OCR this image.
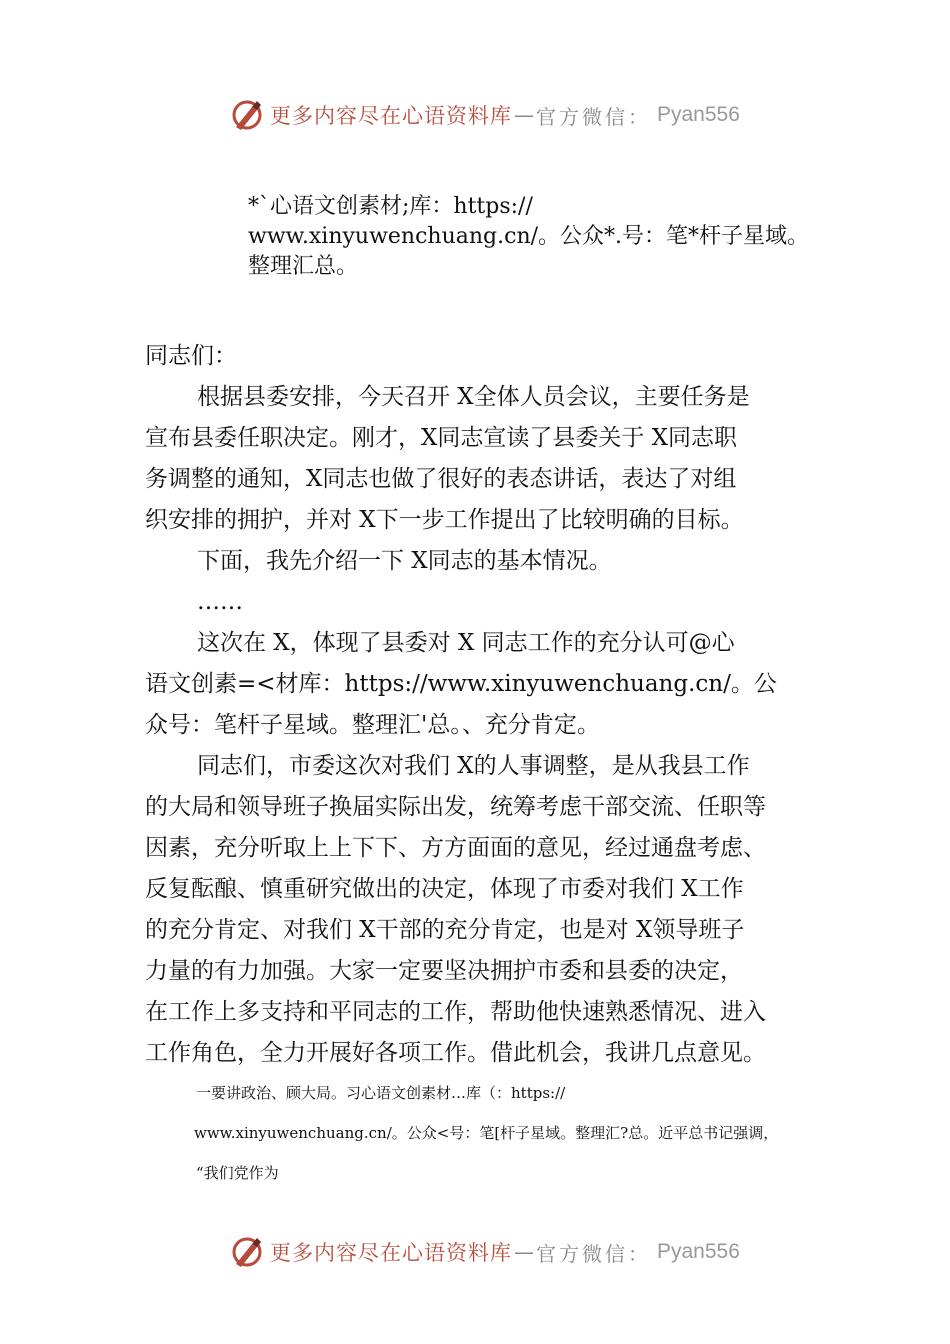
更多内容尽在心语资料库 — 官方微信： Pyan556
*`心语文创素材;库：https://
www.xinyuwenchuang.cn/。公众*.号：笔*杆子星域。
整理汇总。
同志们：
根据县委安排，今天召开 X全体人员会议，主要任务是
宣布县委任职决定。刚才，X同志宣读了县委关于 X同志职
务调整的通知，X同志也做了很好的表态讲话，表达了对组
织安排的拥护，并对 X下一步工作提出了比较明确的目标。
下面，我先介绍一下 X同志的基本情况。
……
这次在 X，体现了县委对 X 同志工作的充分认可@心
语文创素=<材库：https://www.xinyuwenchuang.cn/。公
众号：笔杆子星域。整理汇'总。、充分肯定。
同志们，市委这次对我们 X的人事调整，是从我县工作
的大局和领导班子换届实际出发，统筹考虑干部交流、任职等
因素，充分听取上上下下、方方面面的意见，经过通盘考虑、
反复酝酿、慎重研究做出的决定，体现了市委对我们 X工作
的充分肯定、对我们 X干部的充分肯定，也是对 X领导班子
力量的有力加强。大家一定要坚决拥护市委和县委的决定，
在工作上多支持和平同志的工作，帮助他快速熟悉情况、进入
工作角色，全力开展好各项工作。借此机会，我讲几点意见。
一要讲政治、顾大局。习心语文创素材…库（：https://
www.xinyuwenchuang.cn/。公众<号：笔[杆子星域。整理汇?总。近平总书记强调，
“我们党作为
更多内容尽在心语资料库 — 官方微信： Pyan556
